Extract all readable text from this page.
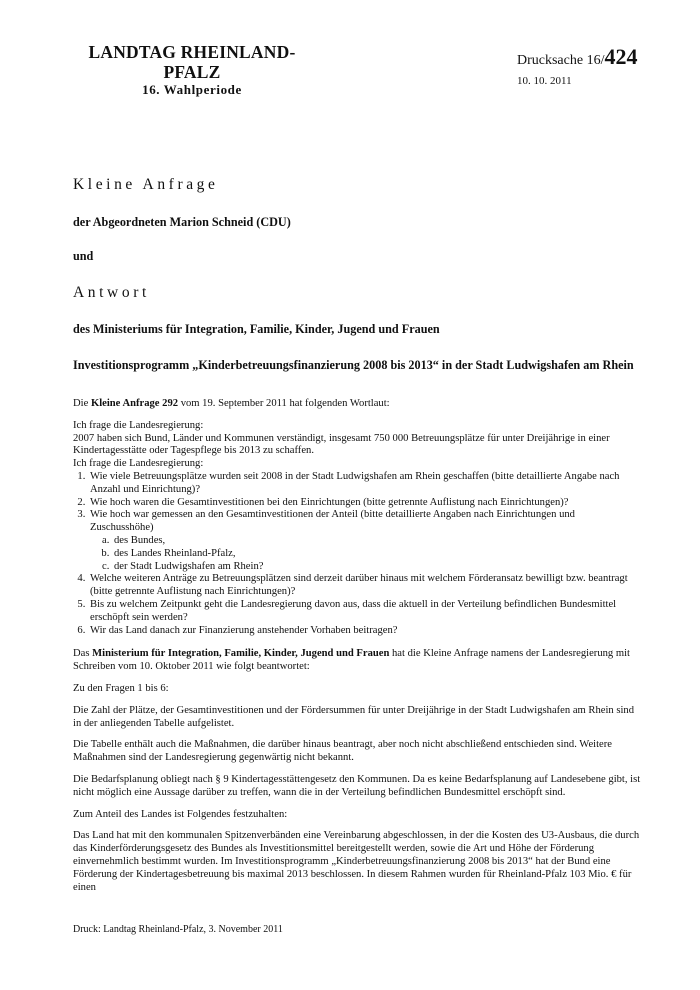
LANDTAG RHEINLAND-PFALZ
16. Wahlperiode
Drucksache 16/424
10. 10. 2011
Kleine Anfrage
der Abgeordneten Marion Schneid (CDU)
und
Antwort
des Ministeriums für Integration, Familie, Kinder, Jugend und Frauen
Investitionsprogramm „Kinderbetreuungsfinanzierung 2008 bis 2013“ in der Stadt Ludwigshafen am Rhein

Die Kleine Anfrage 292 vom 19. September 2011 hat folgenden Wortlaut:

Ich frage die Landesregierung:

2007 haben sich Bund, Länder und Kommunen verständigt, insgesamt 750 000 Betreuungsplätze für unter Dreijährige in einer Kindertagesstätte oder Tagespflege bis 2013 zu schaffen.

Ich frage die Landesregierung:

1. Wie viele Betreuungsplätze wurden seit 2008 in der Stadt Ludwigshafen am Rhein geschaffen (bitte detaillierte Angabe nach Anzahl und Einrichtung)?
2. Wie hoch waren die Gesamtinvestitionen bei den Einrichtungen (bitte getrennte Auflistung nach Einrichtungen)?
3. Wie hoch war gemessen an den Gesamtinvestitionen der Anteil (bitte detaillierte Angaben nach Einrichtungen und Zuschusshöhe)
a. des Bundes,
b. des Landes Rheinland-Pfalz,
c. der Stadt Ludwigshafen am Rhein?
4. Welche weiteren Anträge zu Betreuungsplätzen sind derzeit darüber hinaus mit welchem Förderansatz bewilligt bzw. beantragt (bitte getrennte Auflistung nach Einrichtungen)?
5. Bis zu welchem Zeitpunkt geht die Landesregierung davon aus, dass die aktuell in der Verteilung befindlichen Bundesmittel erschöpft sein werden?
6. Wir das Land danach zur Finanzierung anstehender Vorhaben beitragen?

Das Ministerium für Integration, Familie, Kinder, Jugend und Frauen hat die Kleine Anfrage namens der Landesregierung mit Schreiben vom 10. Oktober 2011 wie folgt beantwortet:

Zu den Fragen 1 bis 6:

Die Zahl der Plätze, der Gesamtinvestitionen und der Fördersummen für unter Dreijährige in der Stadt Ludwigshafen am Rhein sind in der anliegenden Tabelle aufgelistet.

Die Tabelle enthält auch die Maßnahmen, die darüber hinaus beantragt, aber noch nicht abschließend entschieden sind. Weitere Maßnahmen sind der Landesregierung gegenwärtig nicht bekannt.

Die Bedarfsplanung obliegt nach § 9 Kindertagesstättengesetz den Kommunen. Da es keine Bedarfsplanung auf Landesebene gibt, ist nicht möglich eine Aussage darüber zu treffen, wann die in der Verteilung befindlichen Bundesmittel erschöpft sind.

Zum Anteil des Landes ist Folgendes festzuhalten:

Das Land hat mit den kommunalen Spitzenverbänden eine Vereinbarung abgeschlossen, in der die Kosten des U3-Ausbaus, die durch das Kinderförderungsgesetz des Bundes als Investitionsmittel bereitgestellt werden, sowie die Art und Höhe der Förderung einvernehmlich bestimmt wurden. Im Investitionsprogramm „Kinderbetreuungsfinanzierung 2008 bis 2013“ hat der Bund eine Förderung der Kindertagesbetreuung bis maximal 2013 beschlossen. In diesem Rahmen wurden für Rheinland-Pfalz 103 Mio. € für einen

Druck: Landtag Rheinland-Pfalz, 3. November 2011
